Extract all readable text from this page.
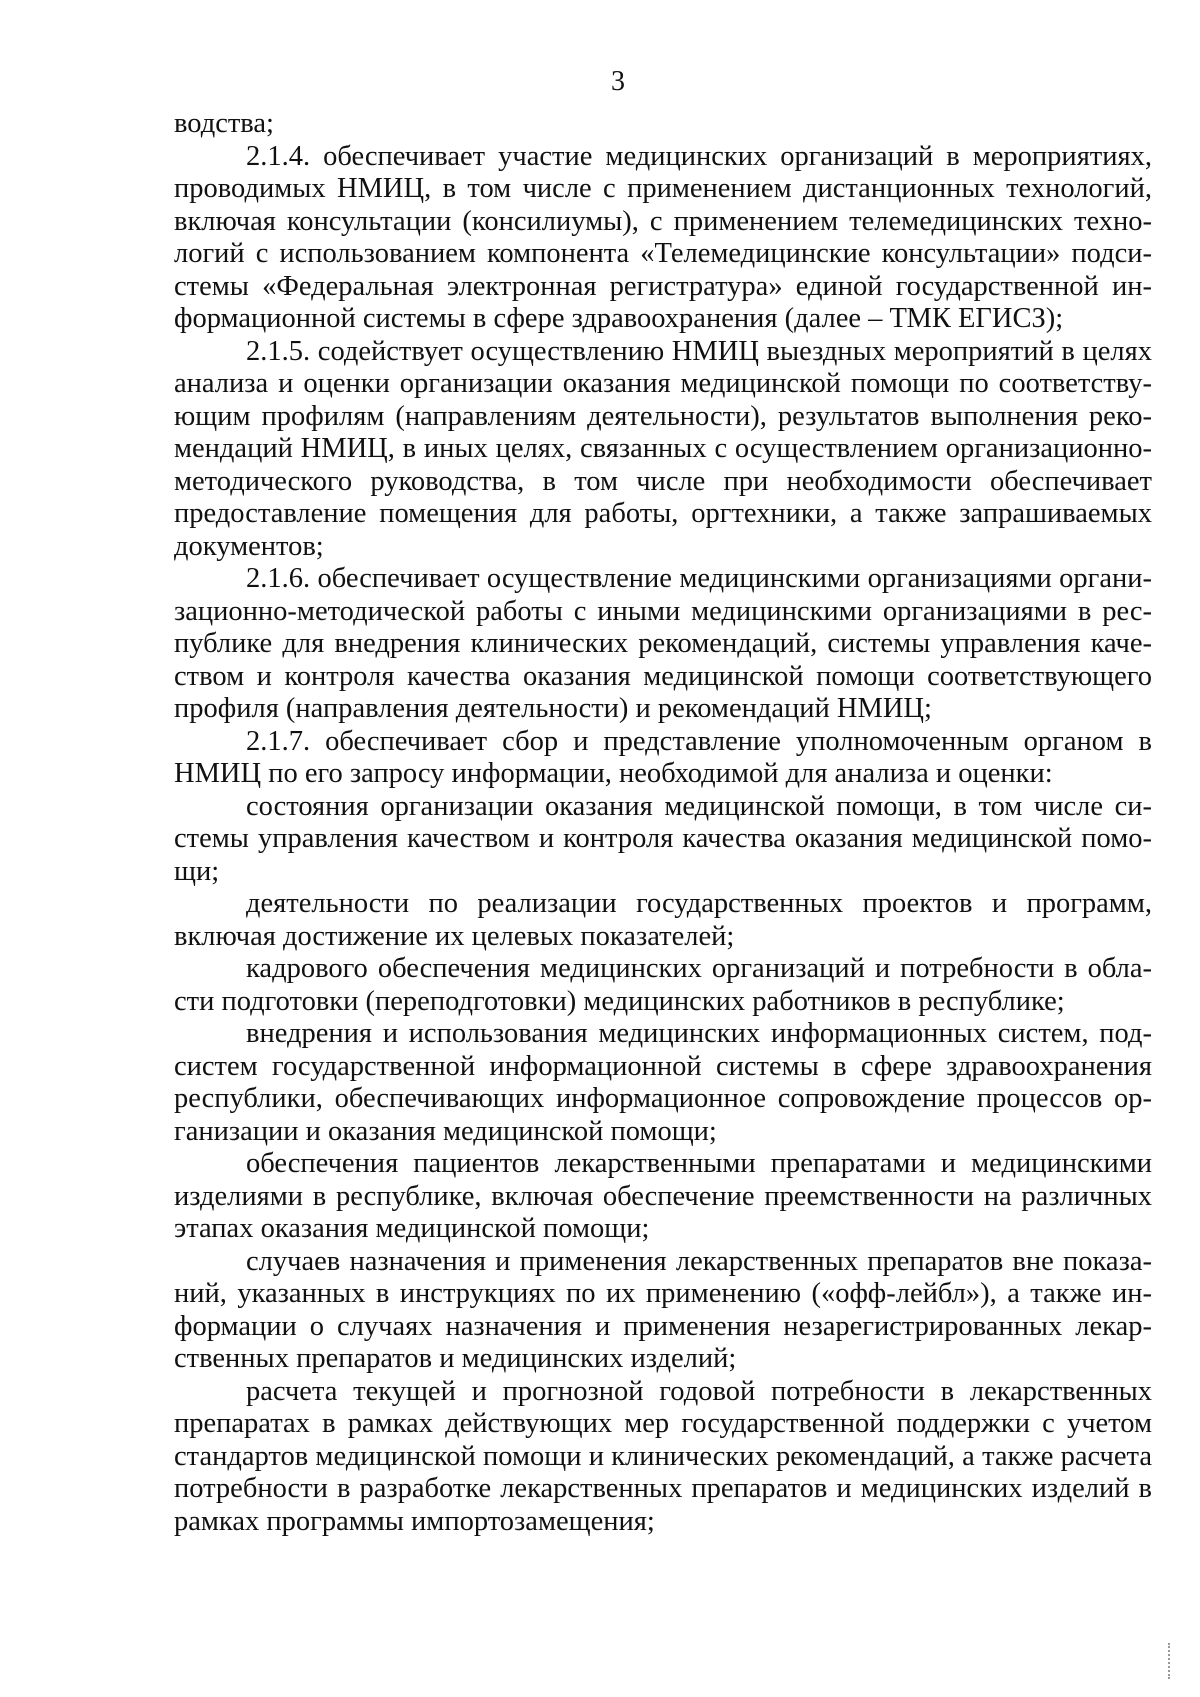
3

водства;

2.1.4. обеспечивает участие медицинских организаций в мероприятиях, проводимых НМИЦ, в том числе с применением дистанционных технологий, включая консультации (консилиумы), с применением телемедицинских технологий с использованием компонента «Телемедицинские консультации» подсистемы «Федеральная электронная регистратура» единой государственной информационной системы в сфере здравоохранения (далее – ТМК ЕГИСЗ);

2.1.5. содействует осуществлению НМИЦ выездных мероприятий в целях анализа и оценки организации оказания медицинской помощи по соответствующим профилям (направлениям деятельности), результатов выполнения рекомендаций НМИЦ, в иных целях, связанных с осуществлением организационно-методического руководства, в том числе при необходимости обеспечивает предоставление помещения для работы, оргтехники, а также запрашиваемых документов;

2.1.6. обеспечивает осуществление медицинскими организациями организационно-методической работы с иными медицинскими организациями в республике для внедрения клинических рекомендаций, системы управления качеством и контроля качества оказания медицинской помощи соответствующего профиля (направления деятельности) и рекомендаций НМИЦ;

2.1.7. обеспечивает сбор и представление уполномоченным органом в НМИЦ по его запросу информации, необходимой для анализа и оценки:

состояния организации оказания медицинской помощи, в том числе системы управления качеством и контроля качества оказания медицинской помощи;

деятельности по реализации государственных проектов и программ, включая достижение их целевых показателей;

кадрового обеспечения медицинских организаций и потребности в области подготовки (переподготовки) медицинских работников в республике;

внедрения и использования медицинских информационных систем, подсистем государственной информационной системы в сфере здравоохранения республики, обеспечивающих информационное сопровождение процессов организации и оказания медицинской помощи;

обеспечения пациентов лекарственными препаратами и медицинскими изделиями в республике, включая обеспечение преемственности на различных этапах оказания медицинской помощи;

случаев назначения и применения лекарственных препаратов вне показаний, указанных в инструкциях по их применению («офф-лейбл»), а также информации о случаях назначения и применения незарегистрированных лекарственных препаратов и медицинских изделий;

расчета текущей и прогнозной годовой потребности в лекарственных препаратах в рамках действующих мер государственной поддержки с учетом стандартов медицинской помощи и клинических рекомендаций, а также расчета потребности в разработке лекарственных препаратов и медицинских изделий в рамках программы импортозамещения;
